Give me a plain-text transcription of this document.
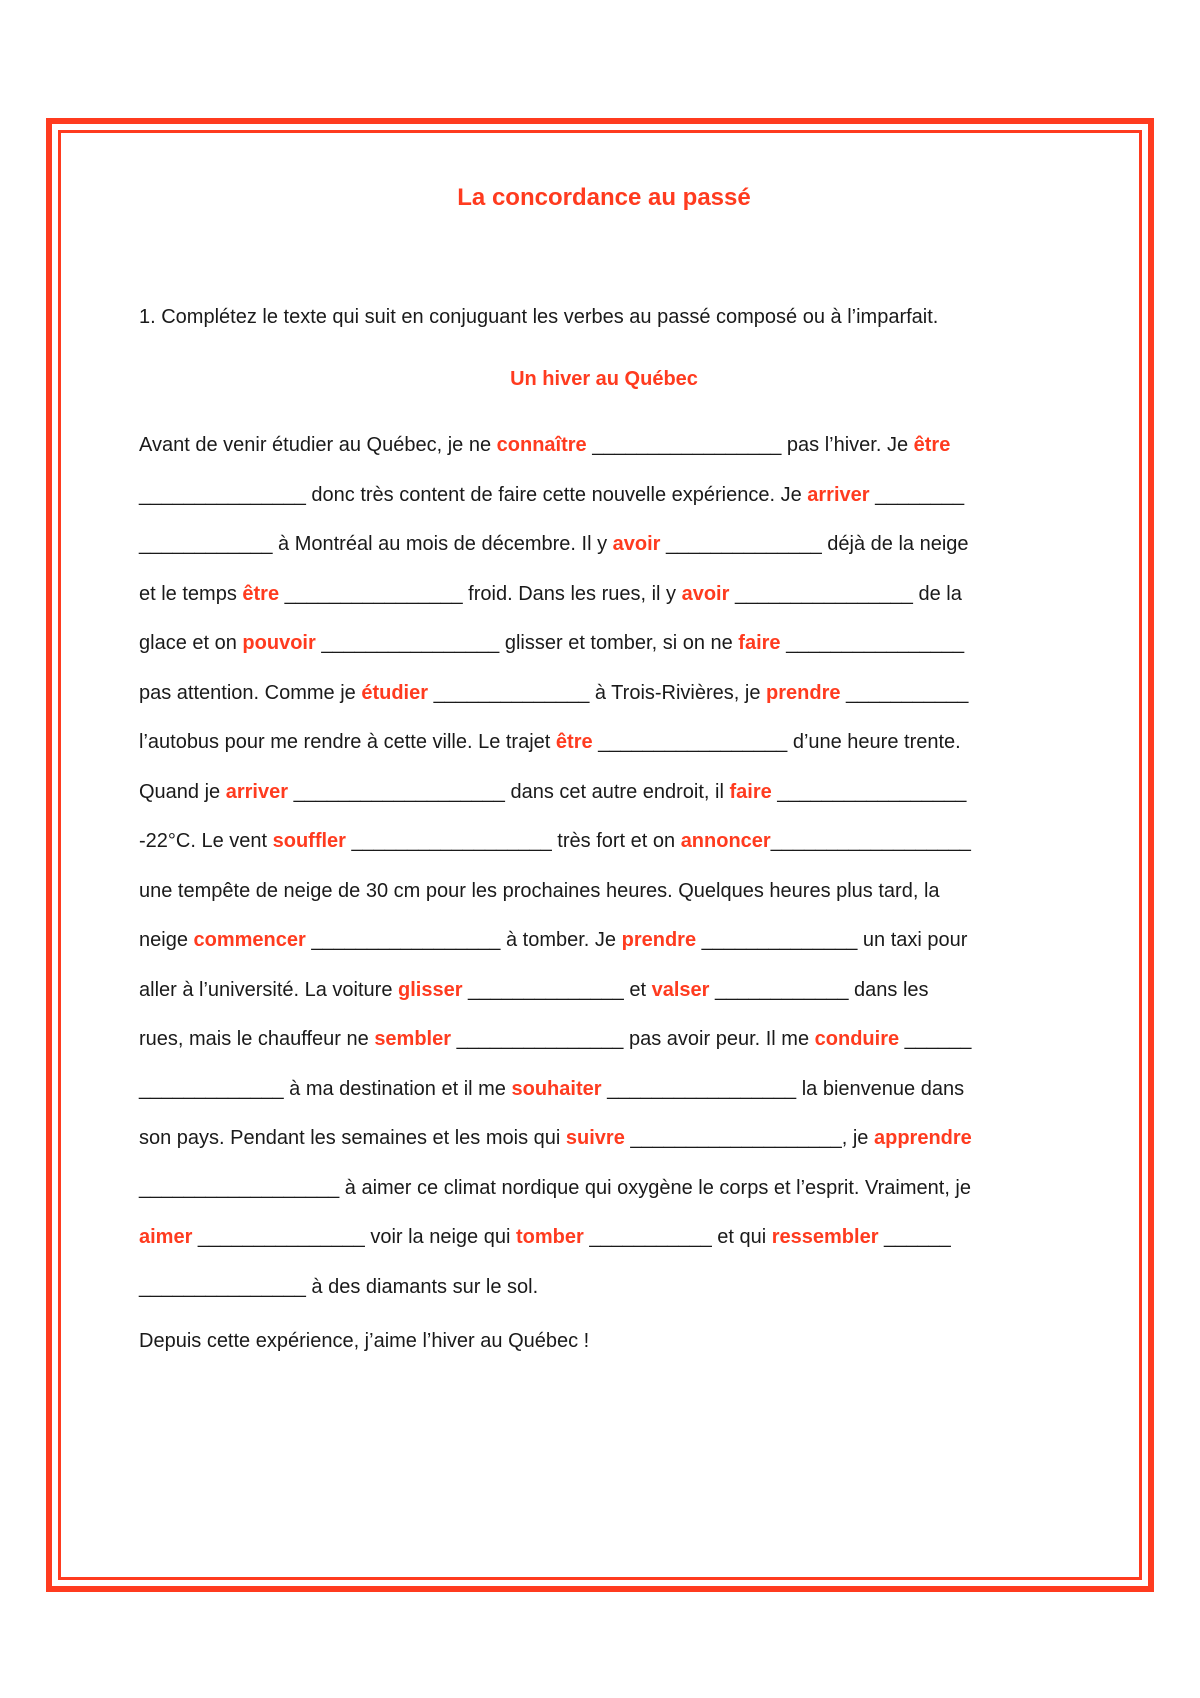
La concordance au passé
1. Complétez le texte qui suit en conjuguant les verbes au passé composé ou à l’imparfait.
Un hiver au Québec
Avant de venir étudier au Québec, je ne connaître _________________ pas l’hiver. Je être
_______________ donc très content de faire cette nouvelle expérience. Je arriver ________
____________ à Montréal au mois de décembre. Il y avoir ______________ déjà de la neige
et le temps être ________________ froid. Dans les rues, il y avoir ________________ de la
glace et on pouvoir ________________ glisser et tomber, si on ne faire ________________
pas attention. Comme je étudier ______________ à Trois-Rivières, je prendre ___________
l’autobus pour me rendre à cette ville. Le trajet être _________________ d’une heure trente.
Quand je arriver ___________________ dans cet autre endroit, il faire _________________
-22°C. Le vent souffler __________________ très fort et on annoncer__________________
une tempête de neige de 30 cm pour les prochaines heures. Quelques heures plus tard, la
neige commencer _________________ à tomber. Je prendre ______________ un taxi pour
aller à l’université. La voiture glisser ______________ et valser ____________ dans les
rues, mais le chauffeur ne sembler _______________ pas avoir peur. Il me conduire ______
_____________ à ma destination et il me souhaiter _________________ la bienvenue dans
son pays. Pendant les semaines et les mois qui suivre ___________________, je apprendre
__________________ à aimer ce climat nordique qui oxygène le corps et l’esprit. Vraiment, je
aimer _______________ voir la neige qui tomber ___________ et qui ressembler ______
_______________ à des diamants sur le sol.
Depuis cette expérience, j’aime l’hiver au Québec !
